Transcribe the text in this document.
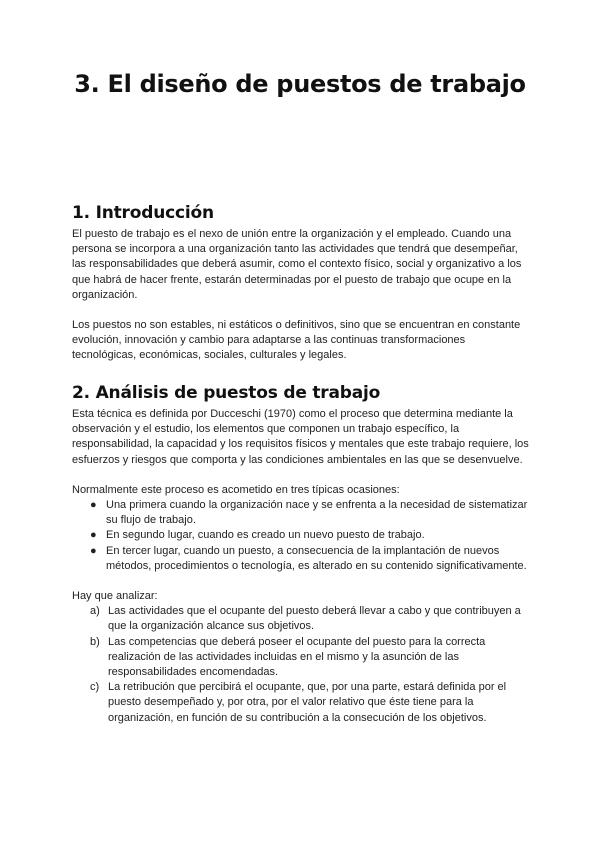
3. El diseño de puestos de trabajo
1. Introducción

El puesto de trabajo es el nexo de unión entre la organización y el empleado. Cuando una persona se incorpora a una organización tanto las actividades que tendrá que desempeñar, las responsabilidades que deberá asumir, como el contexto físico, social y organizativo a los que habrá de hacer frente, estarán determinadas por el puesto de trabajo que ocupe en la organización.

Los puestos no son estables, ni estáticos o definitivos, sino que se encuentran en constante evolución, innovación y cambio para adaptarse a las continuas transformaciones tecnológicas, económicas, sociales, culturales y legales.

2. Análisis de puestos de trabajo

Esta técnica es definida por Ducceschi (1970) como el proceso que determina mediante la observación y el estudio, los elementos que componen un trabajo específico, la responsabilidad, la capacidad y los requisitos físicos y mentales que este trabajo requiere, los esfuerzos y riesgos que comporta y las condiciones ambientales en las que se desenvuelve.

Normalmente este proceso es acometido en tres típicas ocasiones:

● Una primera cuando la organización nace y se enfrenta a la necesidad de sistematizar su flujo de trabajo.
● En segundo lugar, cuando es creado un nuevo puesto de trabajo.
● En tercer lugar, cuando un puesto, a consecuencia de la implantación de nuevos métodos, procedimientos o tecnología, es alterado en su contenido significativamente.

Hay que analizar:

a) Las actividades que el ocupante del puesto deberá llevar a cabo y que contribuyen a que la organización alcance sus objetivos.
b) Las competencias que deberá poseer el ocupante del puesto para la correcta realización de las actividades incluidas en el mismo y la asunción de las responsabilidades encomendadas.
c) La retribución que percibirá el ocupante, que, por una parte, estará definida por el puesto desempeñado y, por otra, por el valor relativo que éste tiene para la organización, en función de su contribución a la consecución de los objetivos.
